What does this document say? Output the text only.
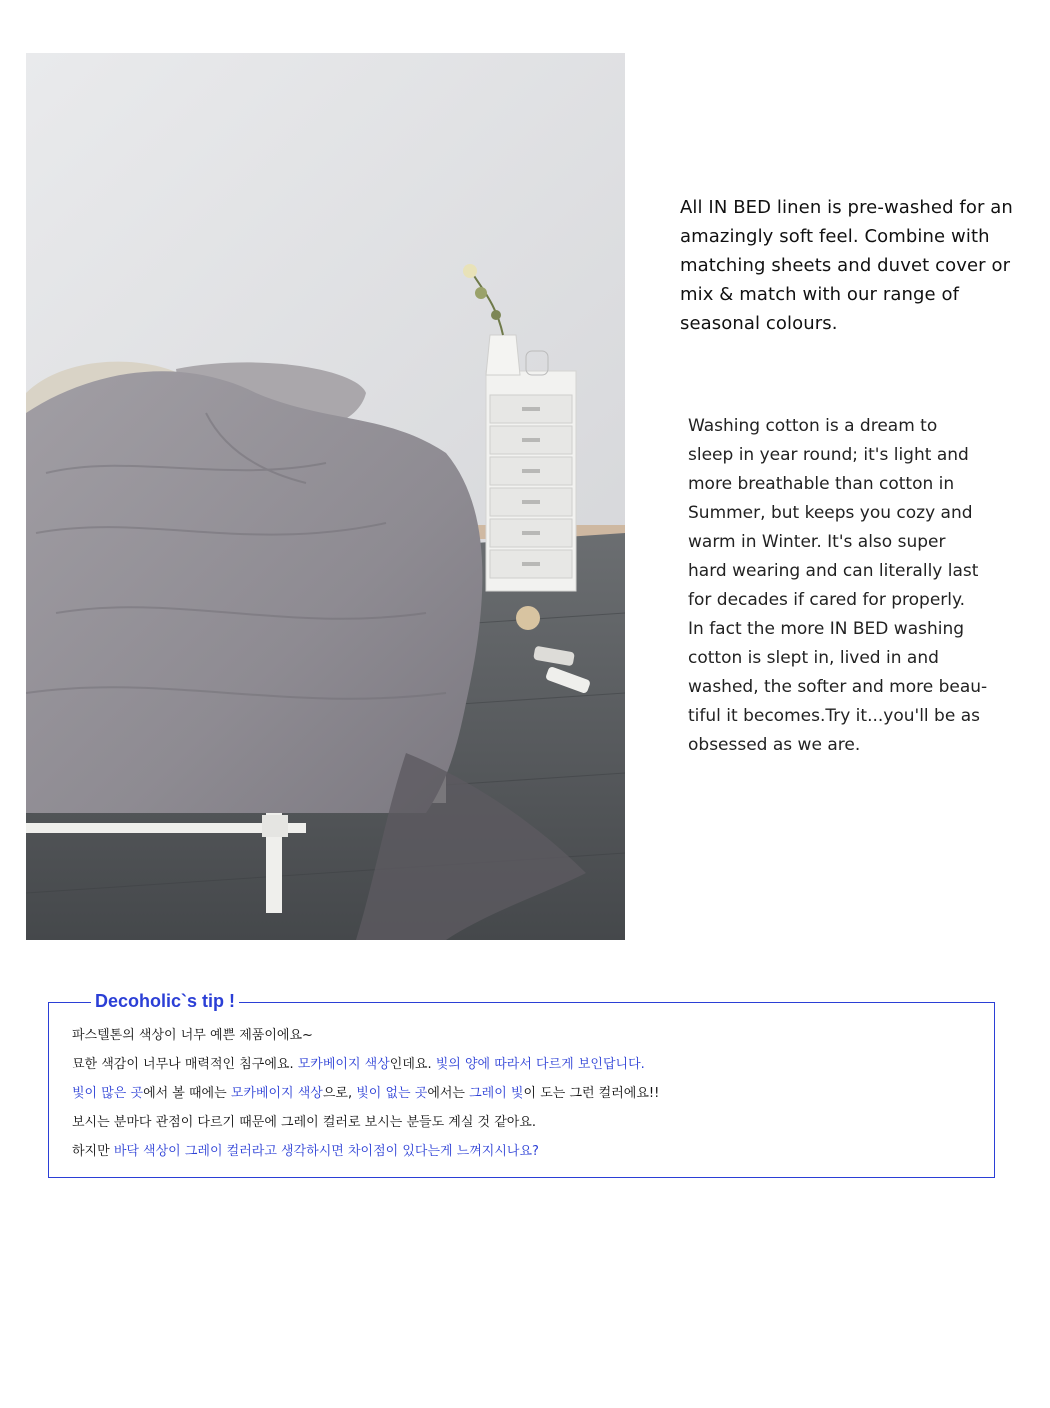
All IN BED linen is pre-washed for an
amazingly soft feel. Combine with
matching sheets and duvet cover or
mix & match with our range of
seasonal colours.

Washing cotton is a dream to
sleep in year round; it's light and
more breathable than cotton in
Summer, but keeps you cozy and
warm in Winter. It's also super
hard wearing and can literally last
for decades if cared for properly.
In fact the more IN BED washing
cotton is slept in, lived in and
washed, the softer and more beau-
tiful it becomes.Try it...you'll be as
obsessed as we are.

Decoholic`s tip !
파스텔톤의 색상이 너무 예쁜 제품이에요~
묘한 색감이 너무나 매력적인 침구에요. 모카베이지 색상인데요. 빛의 양에 따라서 다르게 보인답니다.
빛이 많은 곳에서 볼 때에는 모카베이지 색상으로, 빛이 없는 곳에서는 그레이 빛이 도는 그런 컬러에요!!
보시는 분마다 관점이 다르기 때문에 그레이 컬러로 보시는 분들도 계실 것 같아요.
하지만 바닥 색상이 그레이 컬러라고 생각하시면 차이점이 있다는게 느껴지시나요?
